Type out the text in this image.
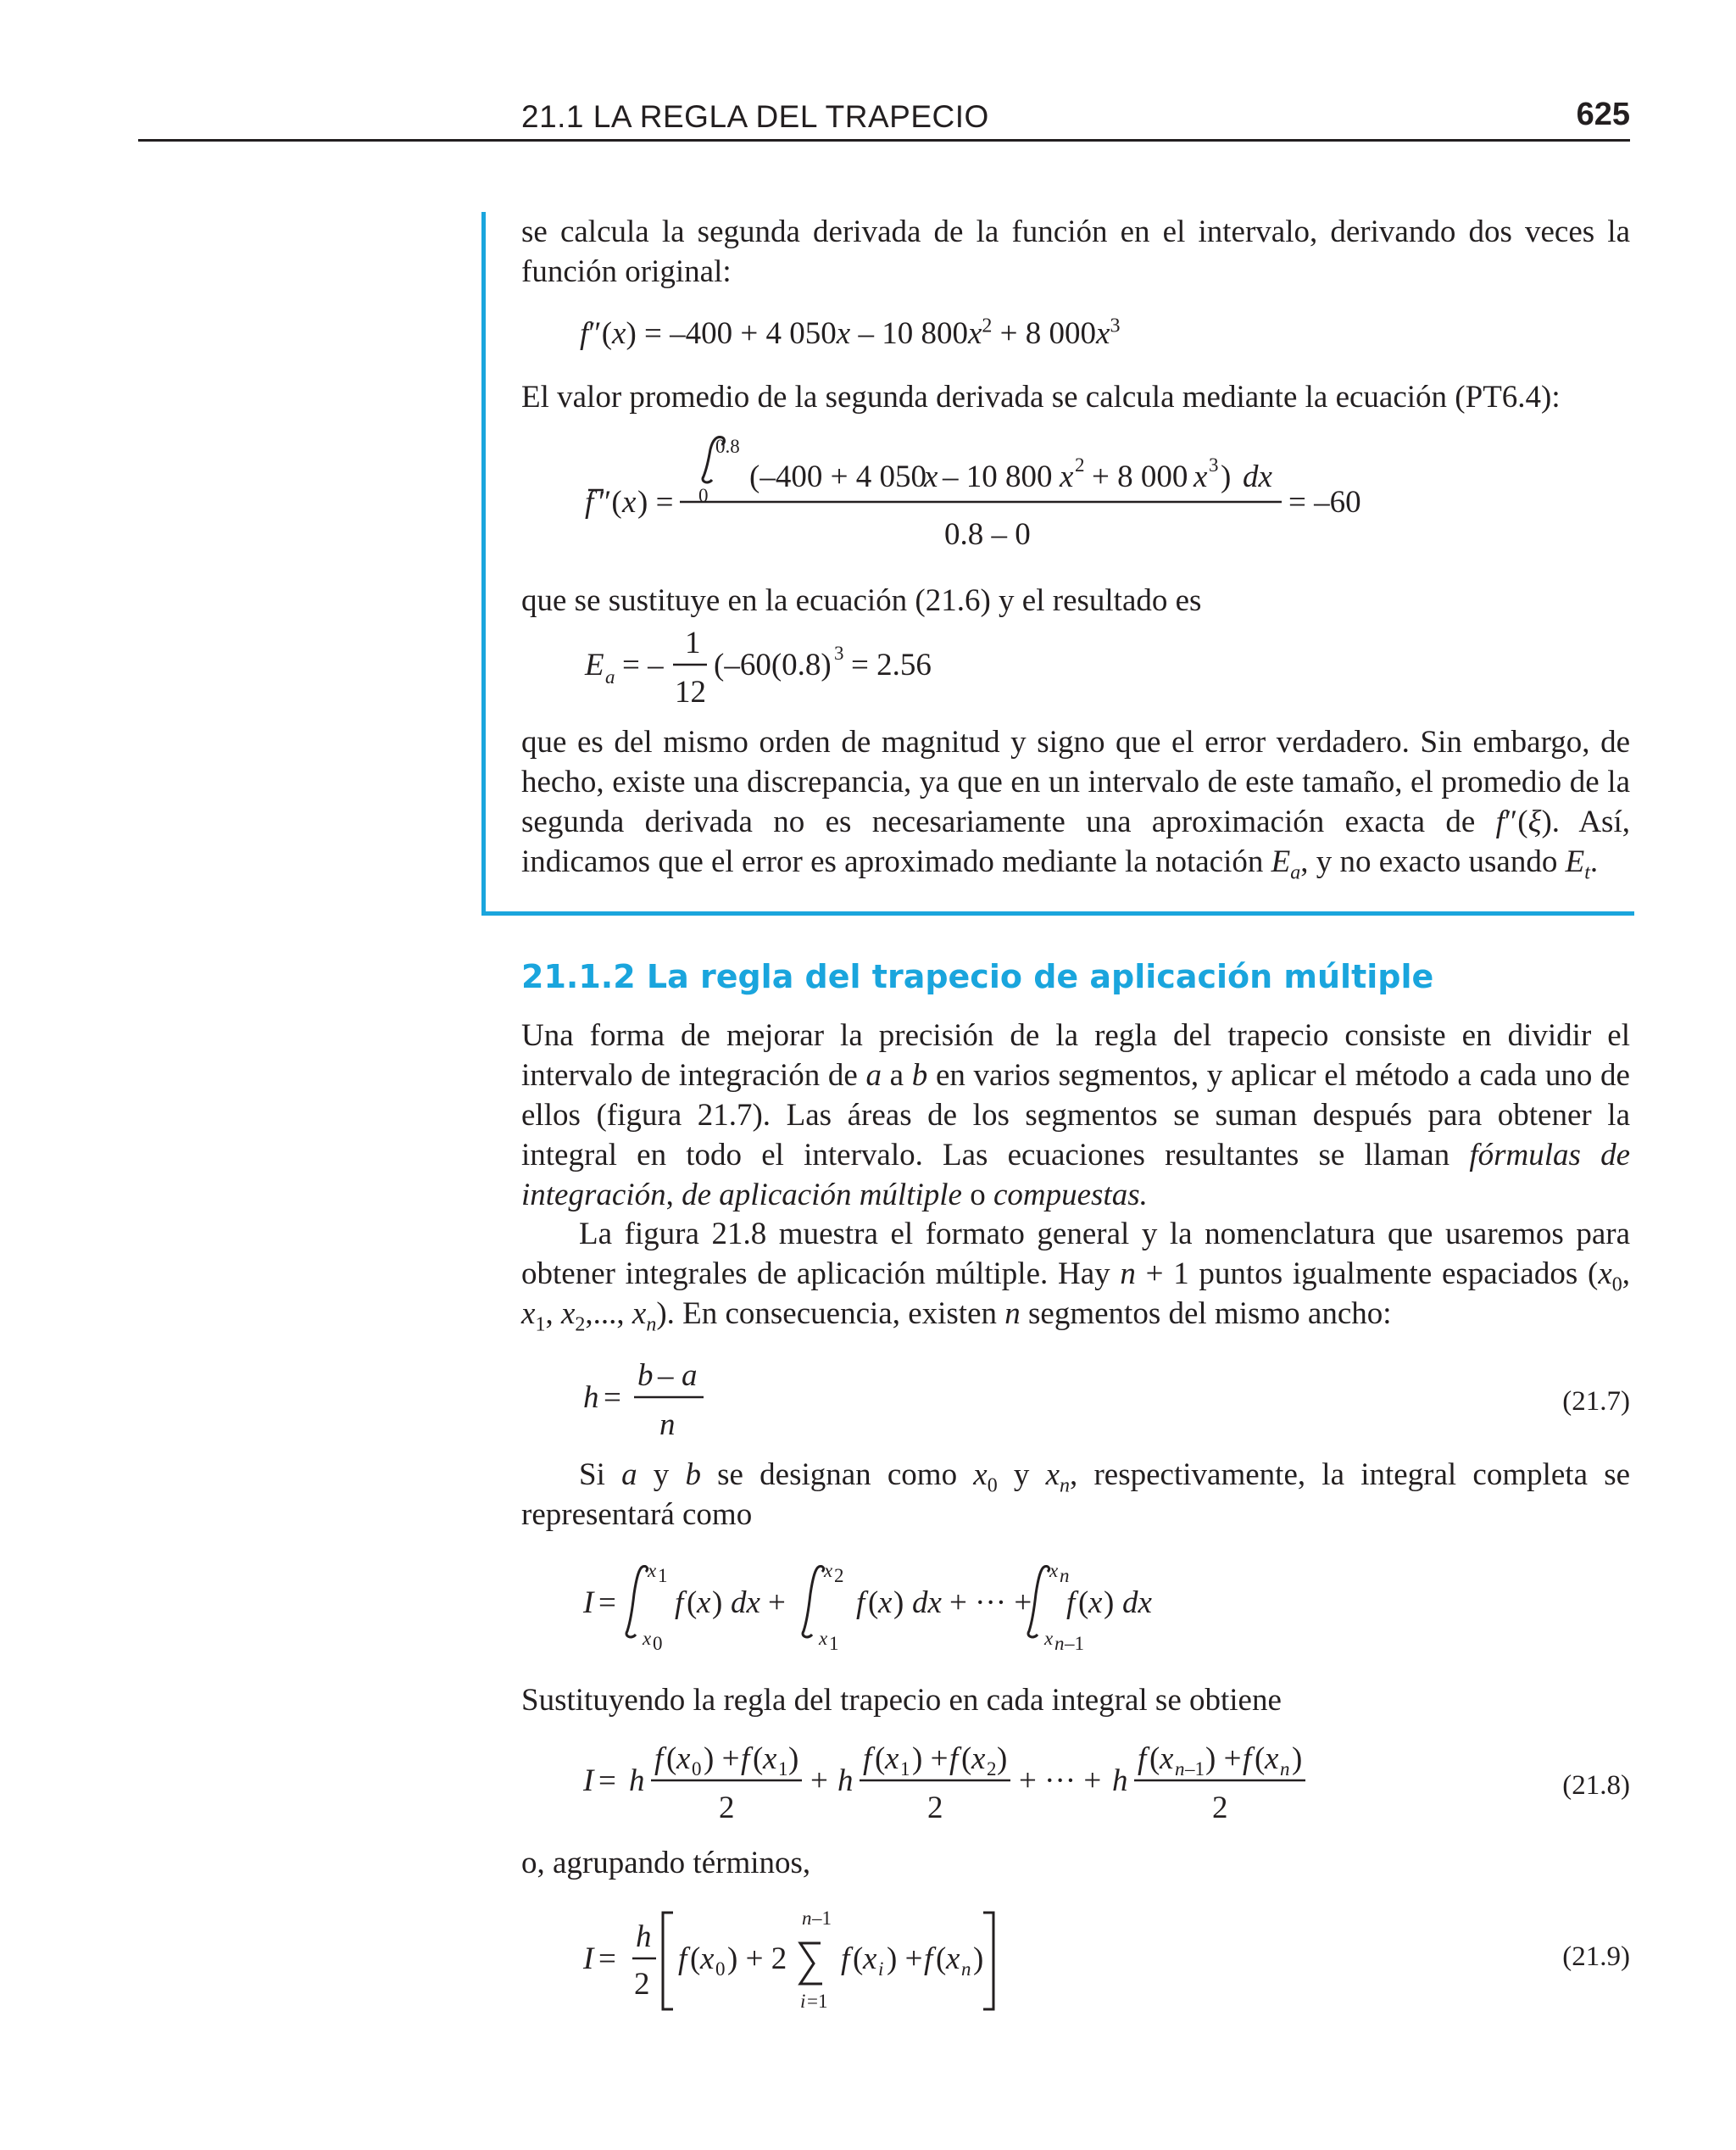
21.1 LA REGLA DEL TRAPECIO	625
se calcula la segunda derivada de la función en el intervalo, derivando dos veces la función original:
f″(x) = –400 + 4 050x – 10 $800x^2 + 8$ $000x^3$
El valor promedio de la segunda derivada se calcula mediante la ecuación (PT6.4):
f ″( x ) =
0.8
0
(–400 + 4 050
x – 10 800 x 2 + 8 000 x 3 ) dx
0.8 – 0
= –60
que se sustituye en la ecuación (21.6) y el resultado es
E a = –
1
12
(–60(0.8) 3 = 2.56
que es del mismo orden de magnitud y signo que el error verdadero. Sin embargo, de hecho, existe una discrepancia, ya que en un intervalo de este tamaño, el promedio de la segunda derivada no es necesariamente una aproximación exacta de f″(ξ). Así, indicamos que el error es aproximado mediante la notación $E_a$, y no exacto usando $E_t$.
21.1.2 La regla del trapecio de aplicación múltiple
Una forma de mejorar la precisión de la regla del trapecio consiste en dividir el intervalo de integración de a a b en varios segmentos, y aplicar el método a cada uno de ellos (figura 21.7). Las áreas de los segmentos se suman después para obtener la integral en todo el intervalo. Las ecuaciones resultantes se llaman fórmulas de integración, de aplicación múltiple o compuestas.
La figura 21.8 muestra el formato general y la nomenclatura que usaremos para obtener integrales de aplicación múltiple. Hay n + 1 puntos igualmente espaciados ($x_0$, $x_1$, $x_2$,..., $x_n$). En consecuencia, existen n segmentos del mismo ancho:
h =
b – a
n
(21.7)
Si a y b se designan como $x_0$ y $x_n$, respectivamente, la integral completa se representará como
I =
x 1
x 0
f ( x ) dx +
x 2
x 1
f ( x ) dx + ··· +
x n
x n –1
f ( x ) dx
Sustituyendo la regla del trapecio en cada integral se obtiene
I = h
f ( x 0 ) + f ( x 1 )
2
+ h
f ( x 1 ) + f ( x 2 )
2
+ ··· + h
f ( x n –1 ) + f ( x n )
2
(21.8)
o, agrupando términos,
I =
h
2
f ( x 0 ) + 2
n –1
i =1
f ( x i ) + f ( x n )	(21.9)
